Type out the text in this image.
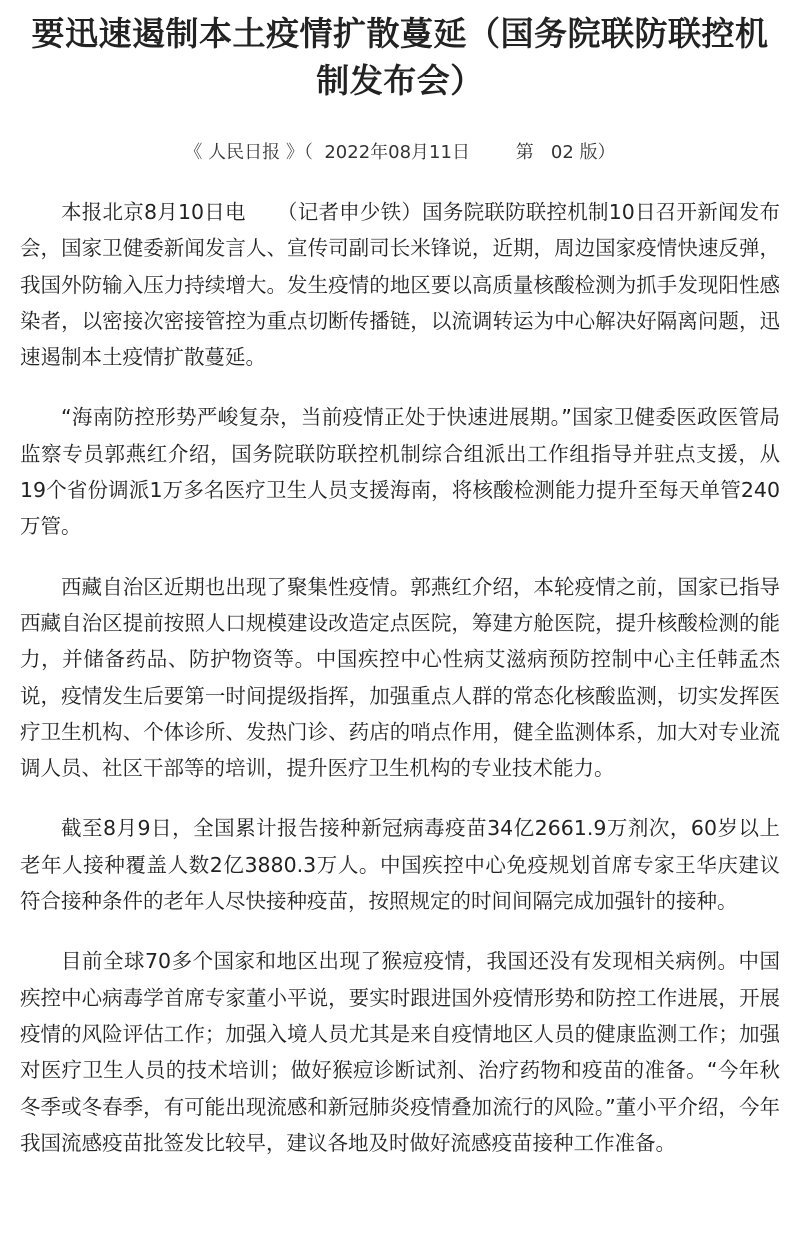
要迅速遏制本土疫情扩散蔓延（国务院联防联控机制发布会）
《 人民日报 》（ 2022年08月11日	第 02 版）

本报北京8月10日电　　（记者申少铁）国务院联防联控机制10日召开新闻发布会，国家卫健委新闻发言人、宣传司副司长米锋说，近期，周边国家疫情快速反弹，我国外防输入压力持续增大。发生疫情的地区要以高质量核酸检测为抓手发现阳性感染者，以密接次密接管控为重点切断传播链，以流调转运为中心解决好隔离问题，迅速遏制本土疫情扩散蔓延。

“海南防控形势严峻复杂，当前疫情正处于快速进展期。”国家卫健委医政医管局监察专员郭燕红介绍，国务院联防联控机制综合组派出工作组指导并驻点支援，从19个省份调派1万多名医疗卫生人员支援海南，将核酸检测能力提升至每天单管240万管。

西藏自治区近期也出现了聚集性疫情。郭燕红介绍，本轮疫情之前，国家已指导西藏自治区提前按照人口规模建设改造定点医院，筹建方舱医院，提升核酸检测的能力，并储备药品、防护物资等。中国疾控中心性病艾滋病预防控制中心主任韩孟杰说，疫情发生后要第一时间提级指挥，加强重点人群的常态化核酸监测，切实发挥医疗卫生机构、个体诊所、发热门诊、药店的哨点作用，健全监测体系，加大对专业流调人员、社区干部等的培训，提升医疗卫生机构的专业技术能力。

截至8月9日，全国累计报告接种新冠病毒疫苗34亿2661.9万剂次，60岁以上老年人接种覆盖人数2亿3880.3万人。中国疾控中心免疫规划首席专家王华庆建议符合接种条件的老年人尽快接种疫苗，按照规定的时间间隔完成加强针的接种。

目前全球70多个国家和地区出现了猴痘疫情，我国还没有发现相关病例。中国疾控中心病毒学首席专家董小平说，要实时跟进国外疫情形势和防控工作进展，开展疫情的风险评估工作；加强入境人员尤其是来自疫情地区人员的健康监测工作；加强对医疗卫生人员的技术培训；做好猴痘诊断试剂、治疗药物和疫苗的准备。“今年秋冬季或冬春季，有可能出现流感和新冠肺炎疫情叠加流行的风险。”董小平介绍，今年我国流感疫苗批签发比较早，建议各地及时做好流感疫苗接种工作准备。
